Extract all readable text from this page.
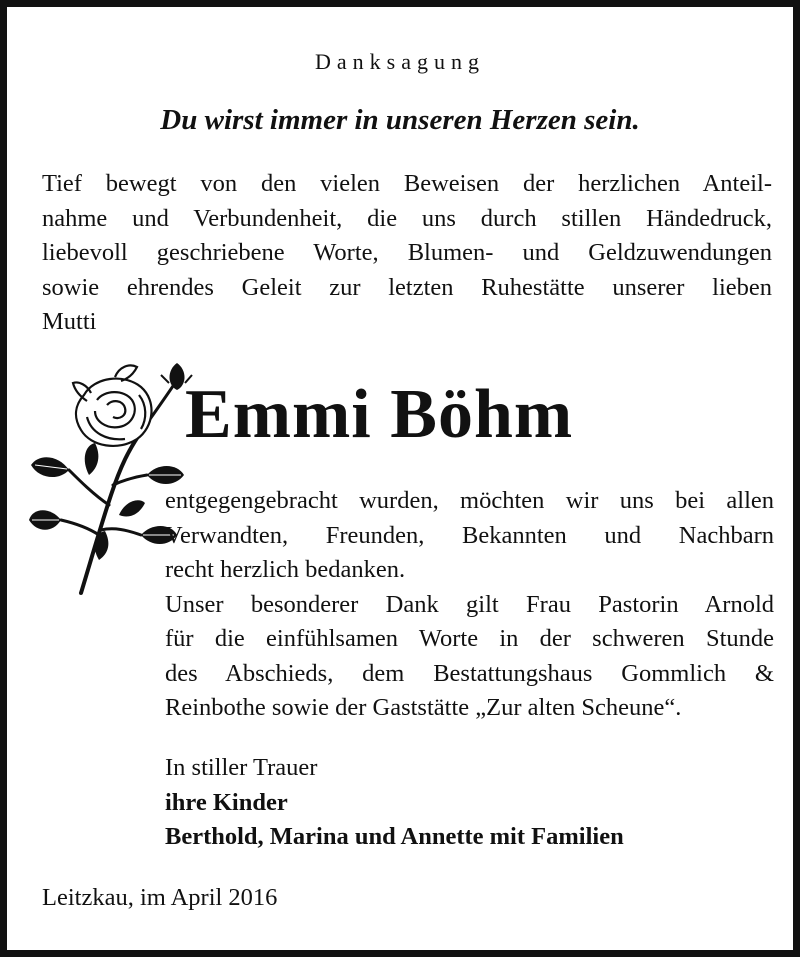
Danksagung
Du wirst immer in unseren Herzen sein.
Tief bewegt von den vielen Beweisen der herzlichen Anteil-
nahme und Verbundenheit, die uns durch stillen Händedruck,
liebevoll geschriebene Worte, Blumen- und Geldzuwendungen
sowie ehrendes Geleit zur letzten Ruhestätte unserer lieben
Mutti
Emmi Böhm
entgegengebracht wurden, möchten wir uns bei allen
Verwandten, Freunden, Bekannten und Nachbarn
recht herzlich bedanken.
Unser besonderer Dank gilt Frau Pastorin Arnold
für die einfühlsamen Worte in der schweren Stunde
des Abschieds, dem Bestattungshaus Gommlich &
Reinbothe sowie der Gaststätte „Zur alten Scheune“.
In stiller Trauer
ihre Kinder
Berthold, Marina und Annette mit Familien
Leitzkau, im April 2016
